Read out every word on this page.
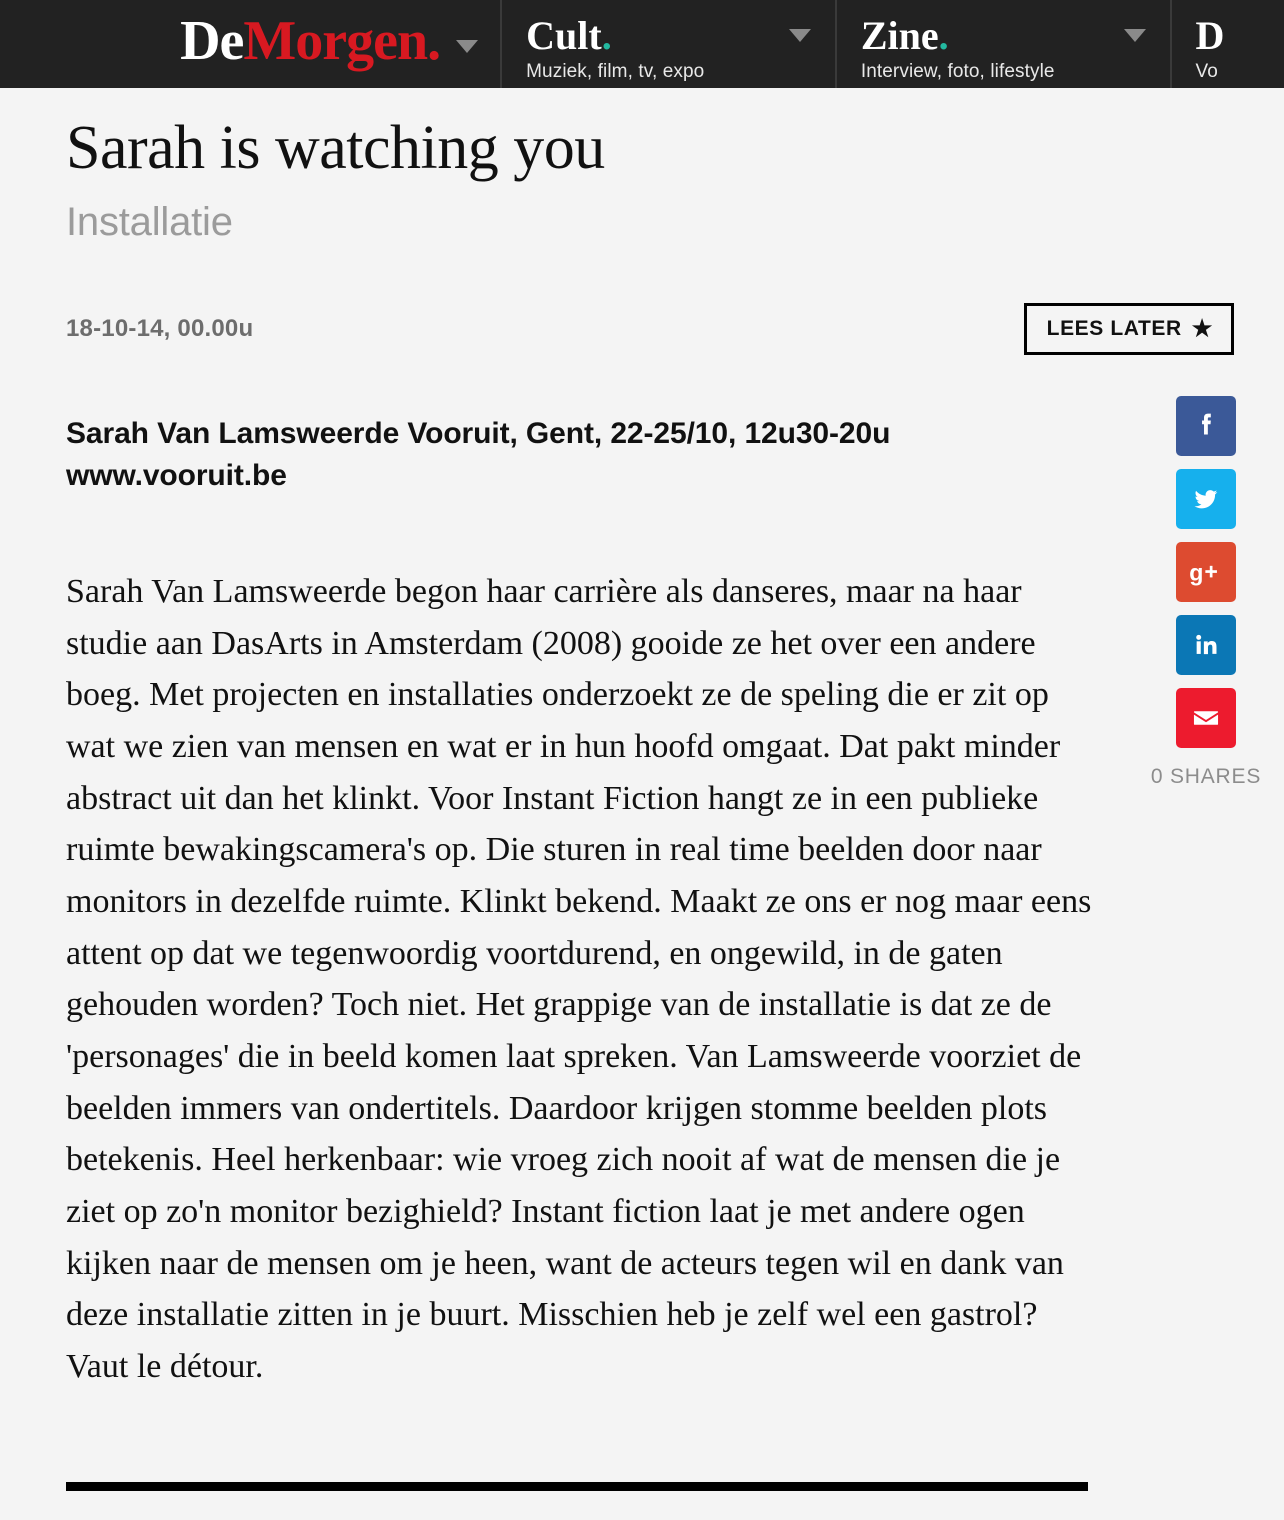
DeMorgen. Cult.
Muziek, film, tv, expo
Zine.
Interview, foto, lifestyle
D
Vo
Sarah is watching you
Installatie
18-10-14, 00.00u	LEES LATER ★
Sarah Van Lamsweerde Vooruit, Gent, 22-25/10, 12u30-20u www.vooruit.be

Sarah Van Lamsweerde begon haar carrière als danseres, maar na haar studie aan DasArts in Amsterdam (2008) gooide ze het over een andere boeg. Met projecten en installaties onderzoekt ze de speling die er zit op wat we zien van mensen en wat er in hun hoofd omgaat. Dat pakt minder abstract uit dan het klinkt. Voor Instant Fiction hangt ze in een publieke ruimte bewakingscamera's op. Die sturen in real time beelden door naar monitors in dezelfde ruimte. Klinkt bekend. Maakt ze ons er nog maar eens attent op dat we tegenwoordig voortdurend, en ongewild, in de gaten gehouden worden? Toch niet. Het grappige van de installatie is dat ze de 'personages' die in beeld komen laat spreken. Van Lamsweerde voorziet de beelden immers van ondertitels. Daardoor krijgen stomme beelden plots betekenis. Heel herkenbaar: wie vroeg zich nooit af wat de mensen die je ziet op zo'n monitor bezighield? Instant fiction laat je met andere ogen kijken naar de mensen om je heen, want de acteurs tegen wil en dank van deze installatie zitten in je buurt. Misschien heb je zelf wel een gastrol? Vaut le détour.

g
0 SHARES
